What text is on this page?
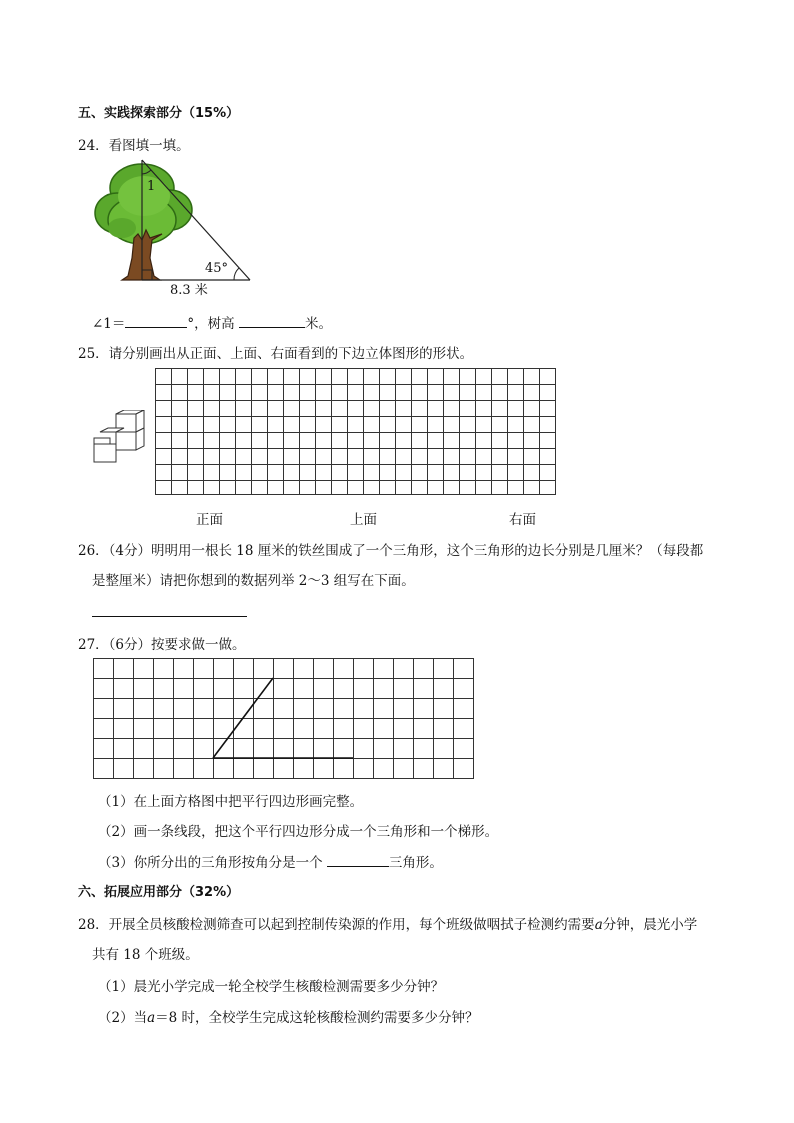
五、实践探索部分（15%）
24．看图填一填。
1
45°
8.3 米
∠1＝	°，树高	米。
25．请分别画出从正面、上面、右面看到的下边立体图形的形状。
正面	上面	右面
26．（4分）明明用一根长 18 厘米的铁丝围成了一个三角形，这个三角形的边长分别是几厘米？（每段都
是整厘米）请把你想到的数据列举 2～3 组写在下面。
27．（6分）按要求做一做。
（1）在上面方格图中把平行四边形画完整。
（2）画一条线段，把这个平行四边形分成一个三角形和一个梯形。
（3）你所分出的三角形按角分是一个	三角形。
六、拓展应用部分（32%）
28．开展全员核酸检测筛查可以起到控制传染源的作用，每个班级做咽拭子检测约需要a分钟，晨光小学
共有 18 个班级。
（1）晨光小学完成一轮全校学生核酸检测需要多少分钟？
（2）当a＝8 时，全校学生完成这轮核酸检测约需要多少分钟？
